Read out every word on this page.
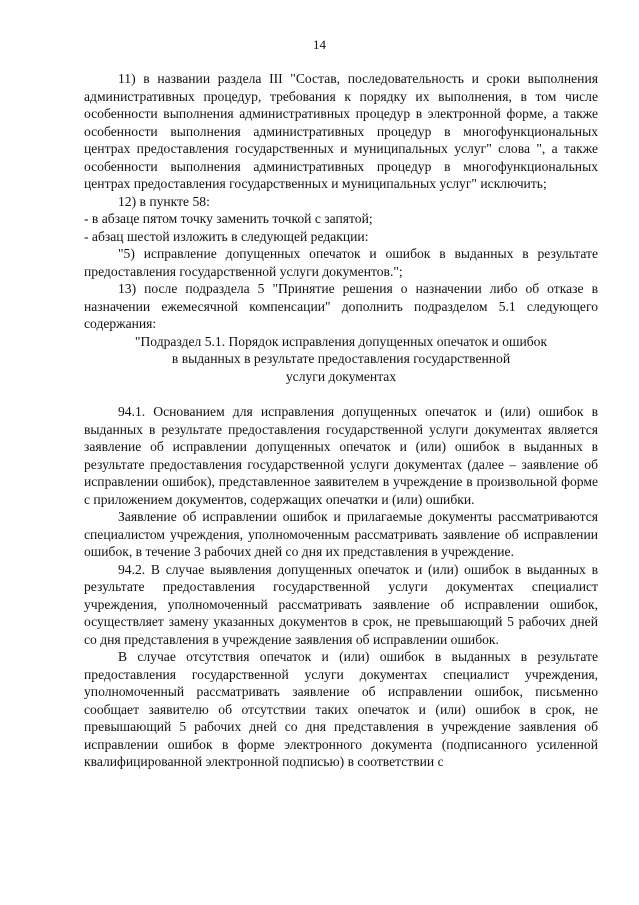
14

11) в названии раздела III "Состав, последовательность и сроки выполнения административных процедур, требования к порядку их выполнения, в том числе особенности выполнения административных процедур в электронной форме, а также особенности выполнения административных процедур в многофункциональных центрах предоставления государственных и муниципальных услуг" слова ", а также особенности выполнения административных процедур в многофункциональных центрах предоставления государственных и муниципальных услуг" исключить;

12) в пункте 58:

- в абзаце пятом точку заменить точкой с запятой;

- абзац шестой изложить в следующей редакции:

"5) исправление допущенных опечаток и ошибок в выданных в результате предоставления государственной услуги документов.";

13) после подраздела 5 "Принятие решения о назначении либо об отказе в назначении ежемесячной компенсации" дополнить подразделом 5.1 следующего содержания:

"Подраздел 5.1. Порядок исправления допущенных опечаток и ошибок

в выданных в результате предоставления государственной

услуги документах

94.1. Основанием для исправления допущенных опечаток и (или) ошибок в выданных в результате предоставления государственной услуги документах является заявление об исправлении допущенных опечаток и (или) ошибок в выданных в результате предоставления государственной услуги документах (далее – заявление об исправлении ошибок), представленное заявителем в учреждение в произвольной форме с приложением документов, содержащих опечатки и (или) ошибки.

Заявление об исправлении ошибок и прилагаемые документы рассматриваются специалистом учреждения, уполномоченным рассматривать заявление об исправлении ошибок, в течение 3 рабочих дней со дня их представления в учреждение.

94.2. В случае выявления допущенных опечаток и (или) ошибок в выданных в результате предоставления государственной услуги документах специалист учреждения, уполномоченный рассматривать заявление об исправлении ошибок, осуществляет замену указанных документов в срок, не превышающий 5 рабочих дней со дня представления в учреждение заявления об исправлении ошибок.

В случае отсутствия опечаток и (или) ошибок в выданных в результате предоставления государственной услуги документах специалист учреждения, уполномоченный рассматривать заявление об исправлении ошибок, письменно сообщает заявителю об отсутствии таких опечаток и (или) ошибок в срок, не превышающий 5 рабочих дней со дня представления в учреждение заявления об исправлении ошибок в форме электронного документа (подписанного усиленной квалифицированной электронной подписью) в соответствии с
